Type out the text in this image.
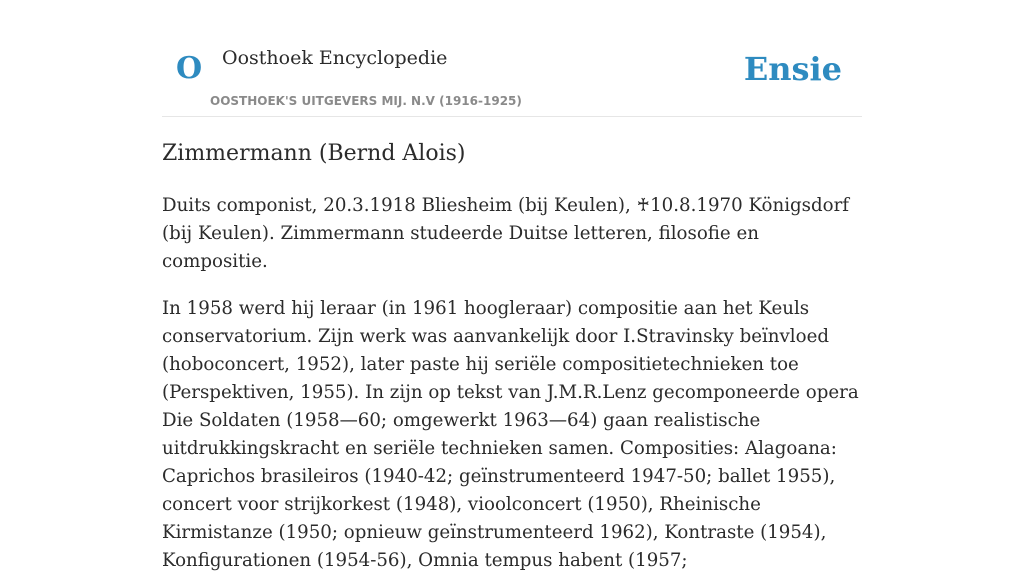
O Oosthoek Encyclopedie
OOSTHOEK'S UITGEVERS MIJ. N.V (1916-1925)
Ensie
Zimmermann (Bernd Alois)

Duits componist, 20.3.1918 Bliesheim (bij Keulen), ♰10.8.1970 Königsdorf (bij Keulen). Zimmermann studeerde Duitse letteren, filosofie en compositie.

In 1958 werd hij leraar (in 1961 hoogleraar) compositie aan het Keuls conservatorium. Zijn werk was aanvankelijk door I.Stravinsky beïnvloed (hoboconcert, 1952), later paste hij seriële compositietechnieken toe (Perspektiven, 1955). In zijn op tekst van J.M.R.Lenz gecomponeerde opera Die Soldaten (1958—60; omgewerkt 1963—64) gaan realistische uitdrukkingskracht en seriële technieken samen. Composities: Alagoana: Caprichos brasileiros (1940-42; geïnstrumenteerd 1947-50; ballet 1955), concert voor strijkorkest (1948), vioolconcert (1950), Rheinische Kirmistanze (1950; opnieuw geïnstrumenteerd 1962), Kontraste (1954), Konfigurationen (1954-56), Omnia tempus habent (1957;
